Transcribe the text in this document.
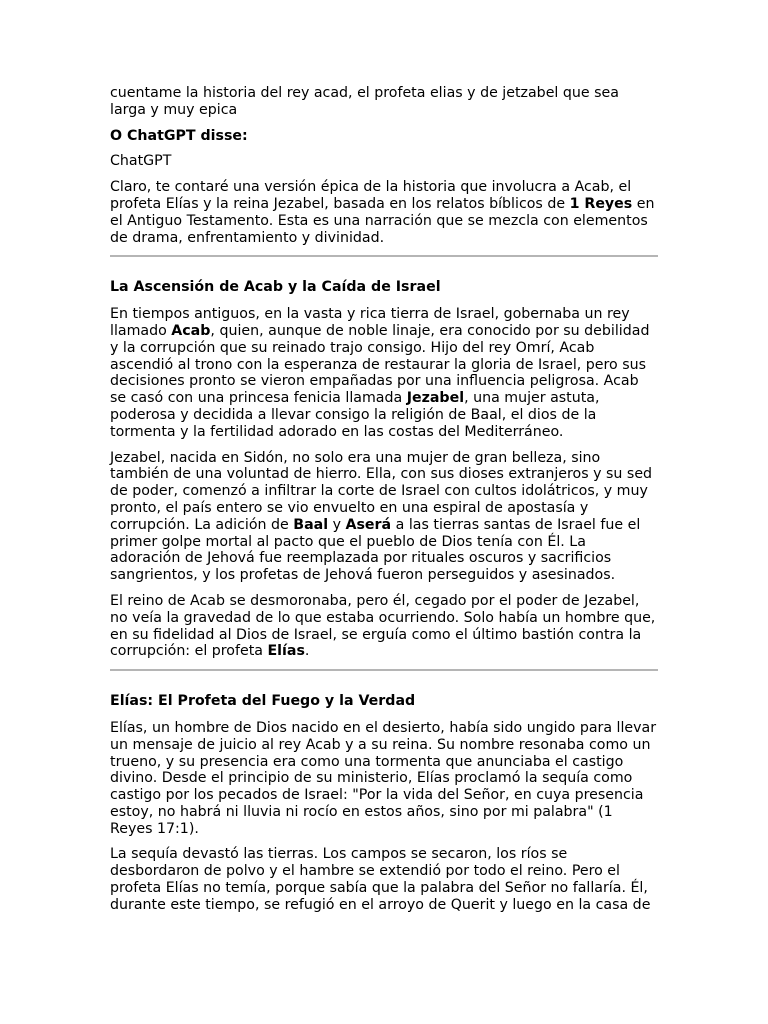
cuentame la historia del rey acad, el profeta elias y de jetzabel que sea
larga y muy epica

O ChatGPT disse:

ChatGPT

Claro, te contaré una versión épica de la historia que involucra a Acab, el profeta Elías y la reina Jezabel, basada en los relatos bíblicos de 1 Reyes en el Antiguo Testamento. Esta es una narración que se mezcla con elementos de drama, enfrentamiento y divinidad.

La Ascensión de Acab y la Caída de Israel

En tiempos antiguos, en la vasta y rica tierra de Israel, gobernaba un rey llamado Acab, quien, aunque de noble linaje, era conocido por su debilidad y la corrupción que su reinado trajo consigo. Hijo del rey Omrí, Acab ascendió al trono con la esperanza de restaurar la gloria de Israel, pero sus decisiones pronto se vieron empañadas por una influencia peligrosa. Acab se casó con una princesa fenicia llamada Jezabel, una mujer astuta, poderosa y decidida a llevar consigo la religión de Baal, el dios de la tormenta y la fertilidad adorado en las costas del Mediterráneo.

Jezabel, nacida en Sidón, no solo era una mujer de gran belleza, sino también de una voluntad de hierro. Ella, con sus dioses extranjeros y su sed de poder, comenzó a infiltrar la corte de Israel con cultos idolátricos, y muy pronto, el país entero se vio envuelto en una espiral de apostasía y corrupción. La adición de Baal y Aserá a las tierras santas de Israel fue el primer golpe mortal al pacto que el pueblo de Dios tenía con Él. La adoración de Jehová fue reemplazada por rituales oscuros y sacrificios sangrientos, y los profetas de Jehová fueron perseguidos y asesinados.

El reino de Acab se desmoronaba, pero él, cegado por el poder de Jezabel, no veía la gravedad de lo que estaba ocurriendo. Solo había un hombre que, en su fidelidad al Dios de Israel, se erguía como el último bastión contra la corrupción: el profeta Elías.

Elías: El Profeta del Fuego y la Verdad

Elías, un hombre de Dios nacido en el desierto, había sido ungido para llevar un mensaje de juicio al rey Acab y a su reina. Su nombre resonaba como un trueno, y su presencia era como una tormenta que anunciaba el castigo divino. Desde el principio de su ministerio, Elías proclamó la sequía como castigo por los pecados de Israel: "Por la vida del Señor, en cuya presencia estoy, no habrá ni lluvia ni rocío en estos años, sino por mi palabra" (1 Reyes 17:1).

La sequía devastó las tierras. Los campos se secaron, los ríos se desbordaron de polvo y el hambre se extendió por todo el reino. Pero el profeta Elías no temía, porque sabía que la palabra del Señor no fallaría. Él, durante este tiempo, se refugió en el arroyo de Querit y luego en la casa de
